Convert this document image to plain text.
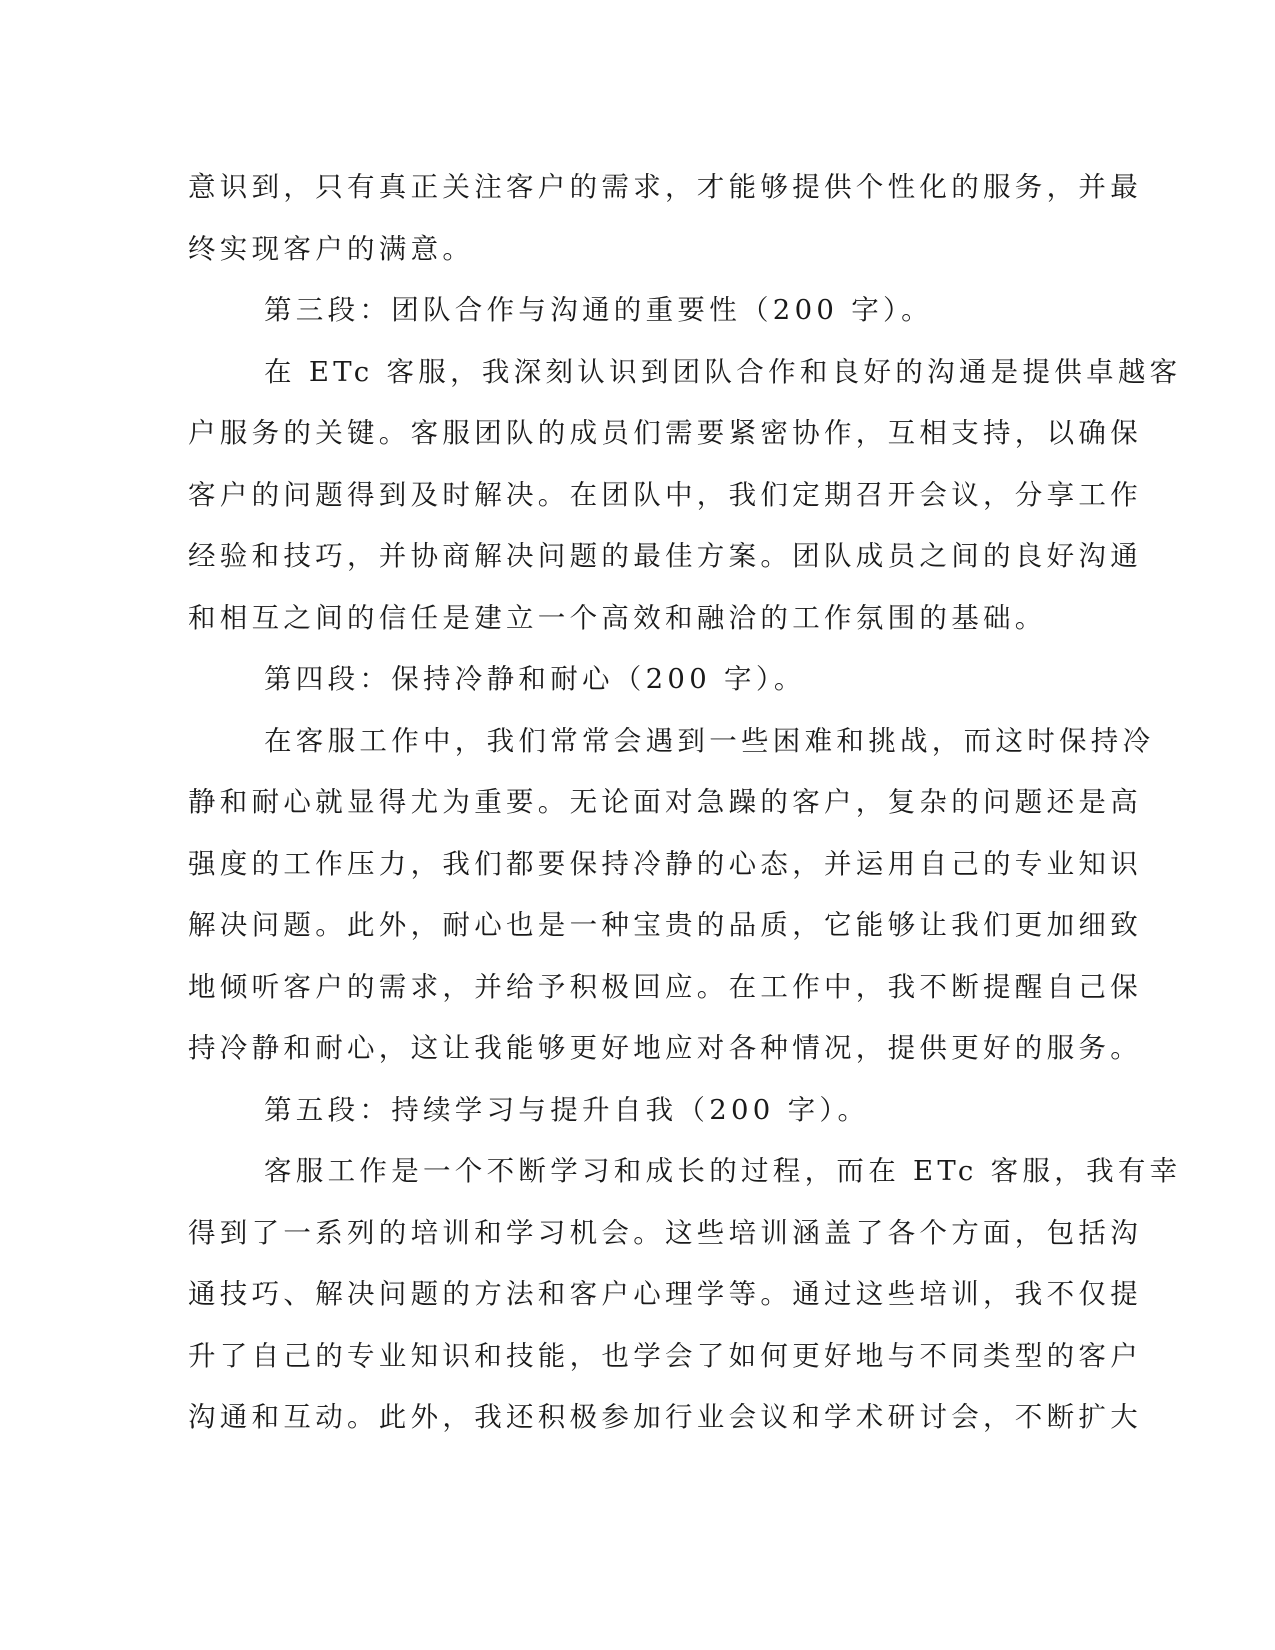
意识到，只有真正关注客户的需求，才能够提供个性化的服务，并最
终实现客户的满意。
第三段：团队合作与沟通的重要性（200 字）。
在 ETc 客服，我深刻认识到团队合作和良好的沟通是提供卓越客
户服务的关键。客服团队的成员们需要紧密协作，互相支持，以确保
客户的问题得到及时解决。在团队中，我们定期召开会议，分享工作
经验和技巧，并协商解决问题的最佳方案。团队成员之间的良好沟通
和相互之间的信任是建立一个高效和融洽的工作氛围的基础。
第四段：保持冷静和耐心（200 字）。
在客服工作中，我们常常会遇到一些困难和挑战，而这时保持冷
静和耐心就显得尤为重要。无论面对急躁的客户，复杂的问题还是高
强度的工作压力，我们都要保持冷静的心态，并运用自己的专业知识
解决问题。此外，耐心也是一种宝贵的品质，它能够让我们更加细致
地倾听客户的需求，并给予积极回应。在工作中，我不断提醒自己保
持冷静和耐心，这让我能够更好地应对各种情况，提供更好的服务。
第五段：持续学习与提升自我（200 字）。
客服工作是一个不断学习和成长的过程，而在 ETc 客服，我有幸
得到了一系列的培训和学习机会。这些培训涵盖了各个方面，包括沟
通技巧、解决问题的方法和客户心理学等。通过这些培训，我不仅提
升了自己的专业知识和技能，也学会了如何更好地与不同类型的客户
沟通和互动。此外，我还积极参加行业会议和学术研讨会，不断扩大
